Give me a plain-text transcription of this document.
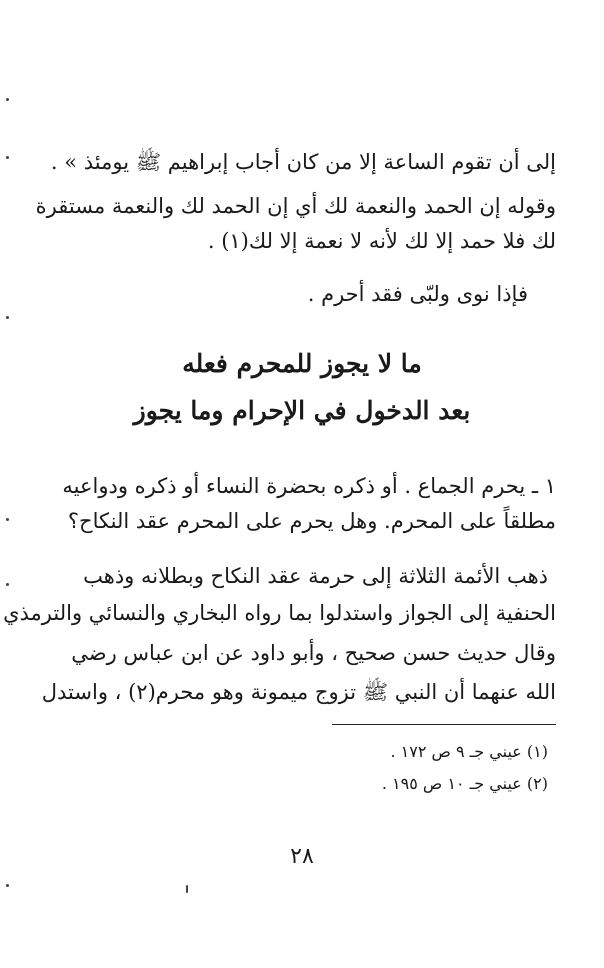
إلى أن تقوم الساعة إلا من كان أجاب إبراهيم ﷺ يومئذ » .
وقوله إن الحمد والنعمة لك أي إن الحمد لك والنعمة مستقرة
لك فلا حمد إلا لك لأنه لا نعمة إلا لك(١) .
فإذا نوى ولبّى فقد أحرم .
ما لا يجوز للمحرم فعله
بعد الدخول في الإحرام وما يجوز
١ ـ يحرم الجماع . أو ذكره بحضرة النساء أو ذكره ودواعيه
مطلقاً على المحرم. وهل يحرم على المحرم عقد النكاح؟
ذهب الأئمة الثلاثة إلى حرمة عقد النكاح وبطلانه وذهب
الحنفية إلى الجواز واستدلوا بما رواه البخاري والنسائي والترمذي
وقال حديث حسن صحيح ، وأبو داود عن ابن عباس رضي
الله عنهما أن النبي ﷺ تزوج ميمونة وهو محرم(٢) ، واستدل
(١) عيني جـ ٩ ص ١٧٢ .
(٢) عيني جـ ١٠ ص ١٩٥ .
٢٨
